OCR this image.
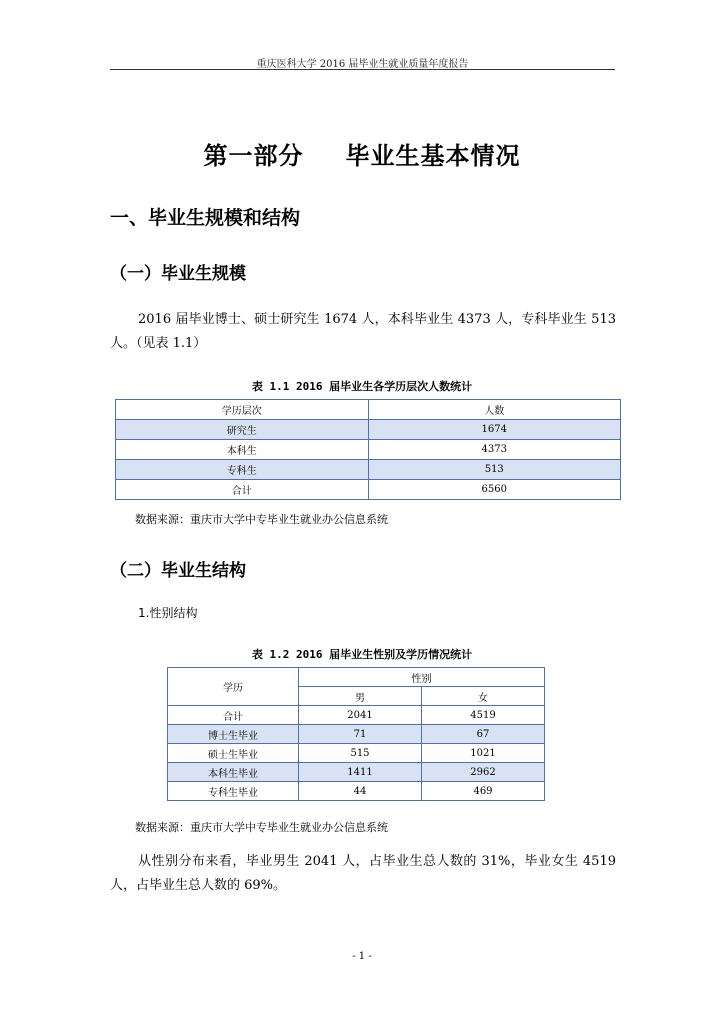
重庆医科大学 2016 届毕业生就业质量年度报告
第一部分 毕业生基本情况
一、毕业生规模和结构
（一）毕业生规模
2016 届毕业博士、硕士研究生 1674 人，本科毕业生 4373 人，专科毕业生 513 人。（见表 1.1）
表 1.1 2016 届毕业生各学历层次人数统计
学历层次	人数
研究生	1674
本科生	4373
专科生	513
合计	6560
数据来源：重庆市大学中专毕业生就业办公信息系统
（二）毕业生结构
1.性别结构
表 1.2 2016 届毕业生性别及学历情况统计
学历	性别	
	男	女
合计	2041	4519
博士生毕业	71	67
硕士生毕业	515	1021
本科生毕业	1411	2962
专科生毕业	44	469
数据来源：重庆市大学中专毕业生就业办公信息系统
从性别分布来看，毕业男生 2041 人，占毕业生总人数的 31%，毕业女生 4519 人，占毕业生总人数的 69%。
- 1 -
